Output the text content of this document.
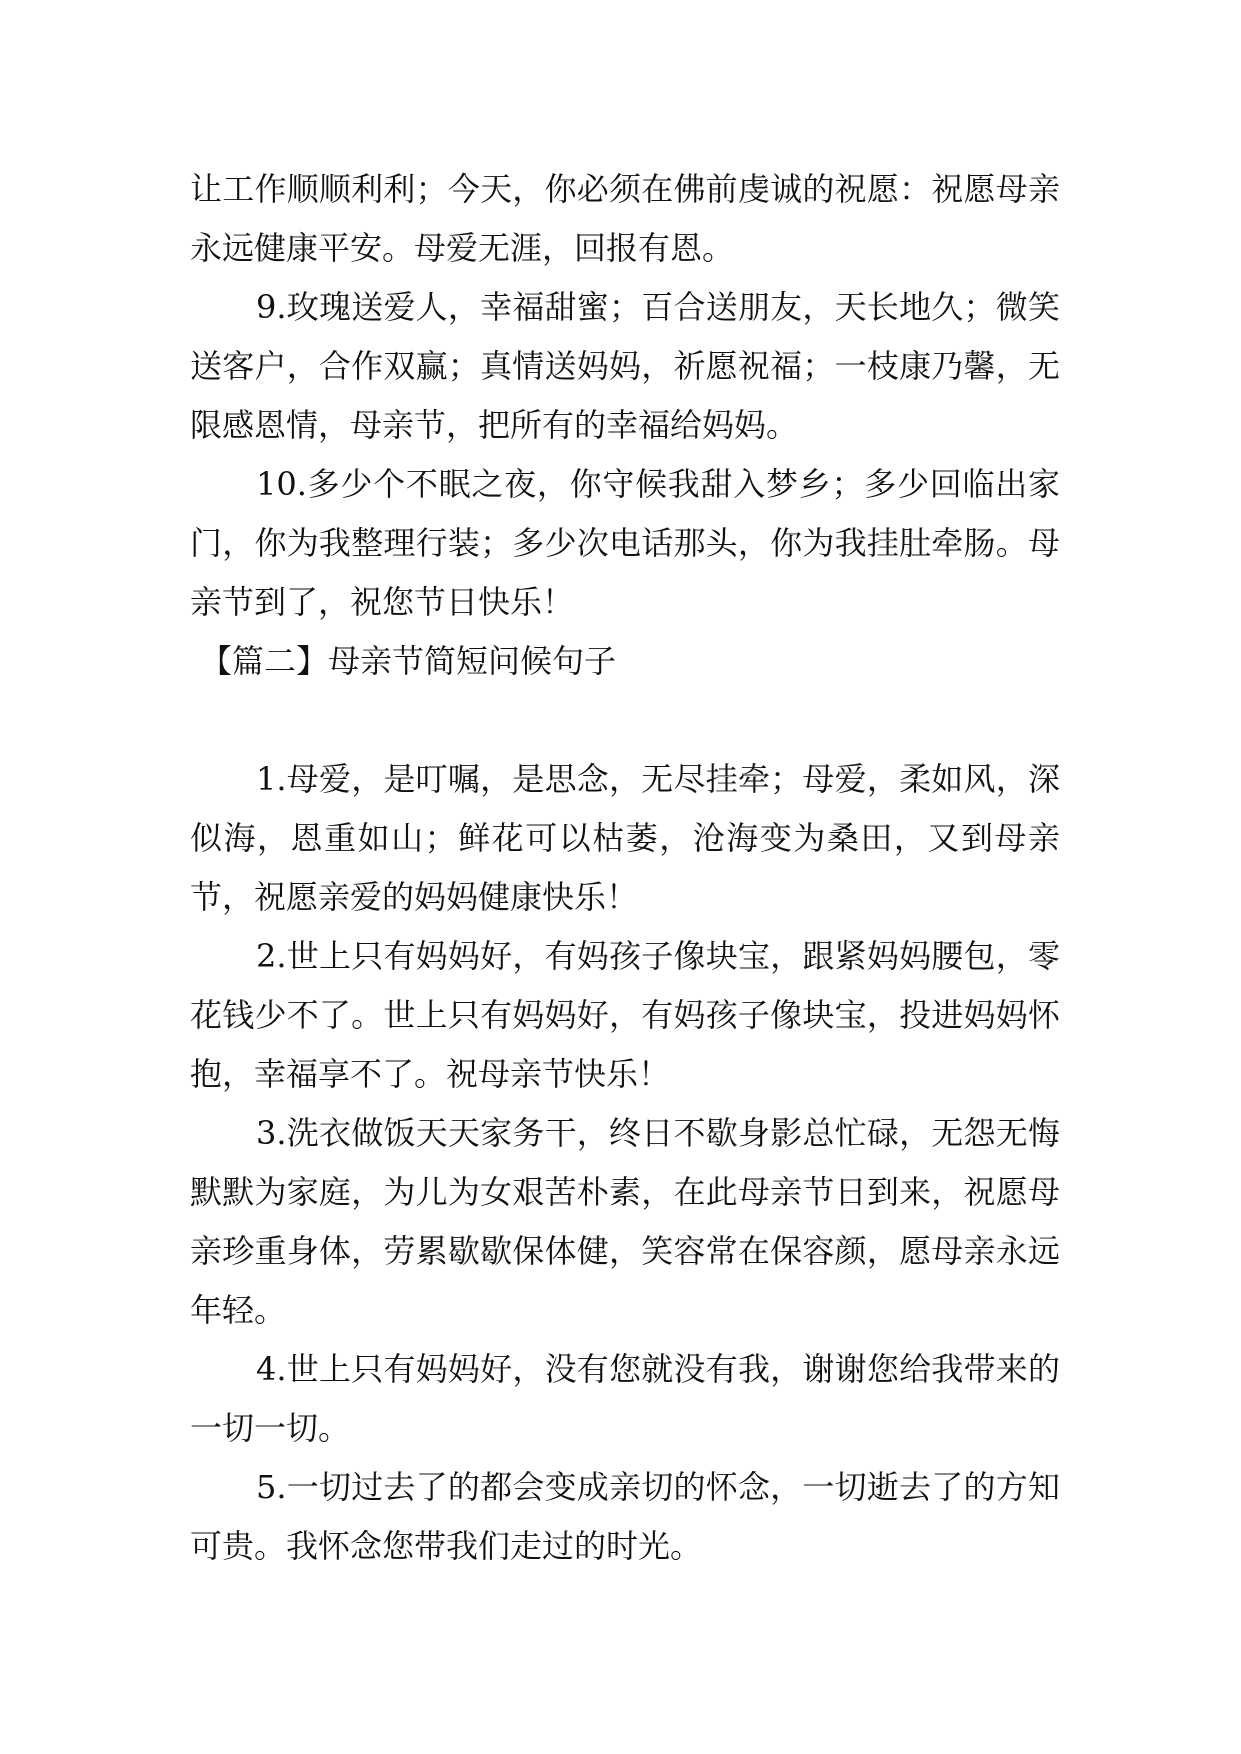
让工作顺顺利利；今天，你必须在佛前虔诚的祝愿：祝愿母亲永远健康平安。母爱无涯，回报有恩。

9.玫瑰送爱人，幸福甜蜜；百合送朋友，天长地久；微笑送客户，合作双赢；真情送妈妈，祈愿祝福；一枝康乃馨，无限感恩情，母亲节，把所有的幸福给妈妈。

10.多少个不眠之夜，你守候我甜入梦乡；多少回临出家门，你为我整理行装；多少次电话那头，你为我挂肚牵肠。母亲节到了，祝您节日快乐！

【篇二】母亲节简短问候句子

1.母爱，是叮嘱，是思念，无尽挂牵；母爱，柔如风，深似海，恩重如山；鲜花可以枯萎，沧海变为桑田，又到母亲节，祝愿亲爱的妈妈健康快乐！

2.世上只有妈妈好，有妈孩子像块宝，跟紧妈妈腰包，零花钱少不了。世上只有妈妈好，有妈孩子像块宝，投进妈妈怀抱，幸福享不了。祝母亲节快乐！

3.洗衣做饭天天家务干，终日不歇身影总忙碌，无怨无悔默默为家庭，为儿为女艰苦朴素，在此母亲节日到来，祝愿母亲珍重身体，劳累歇歇保体健，笑容常在保容颜，愿母亲永远年轻。

4.世上只有妈妈好，没有您就没有我，谢谢您给我带来的一切一切。

5.一切过去了的都会变成亲切的怀念，一切逝去了的方知可贵。我怀念您带我们走过的时光。
